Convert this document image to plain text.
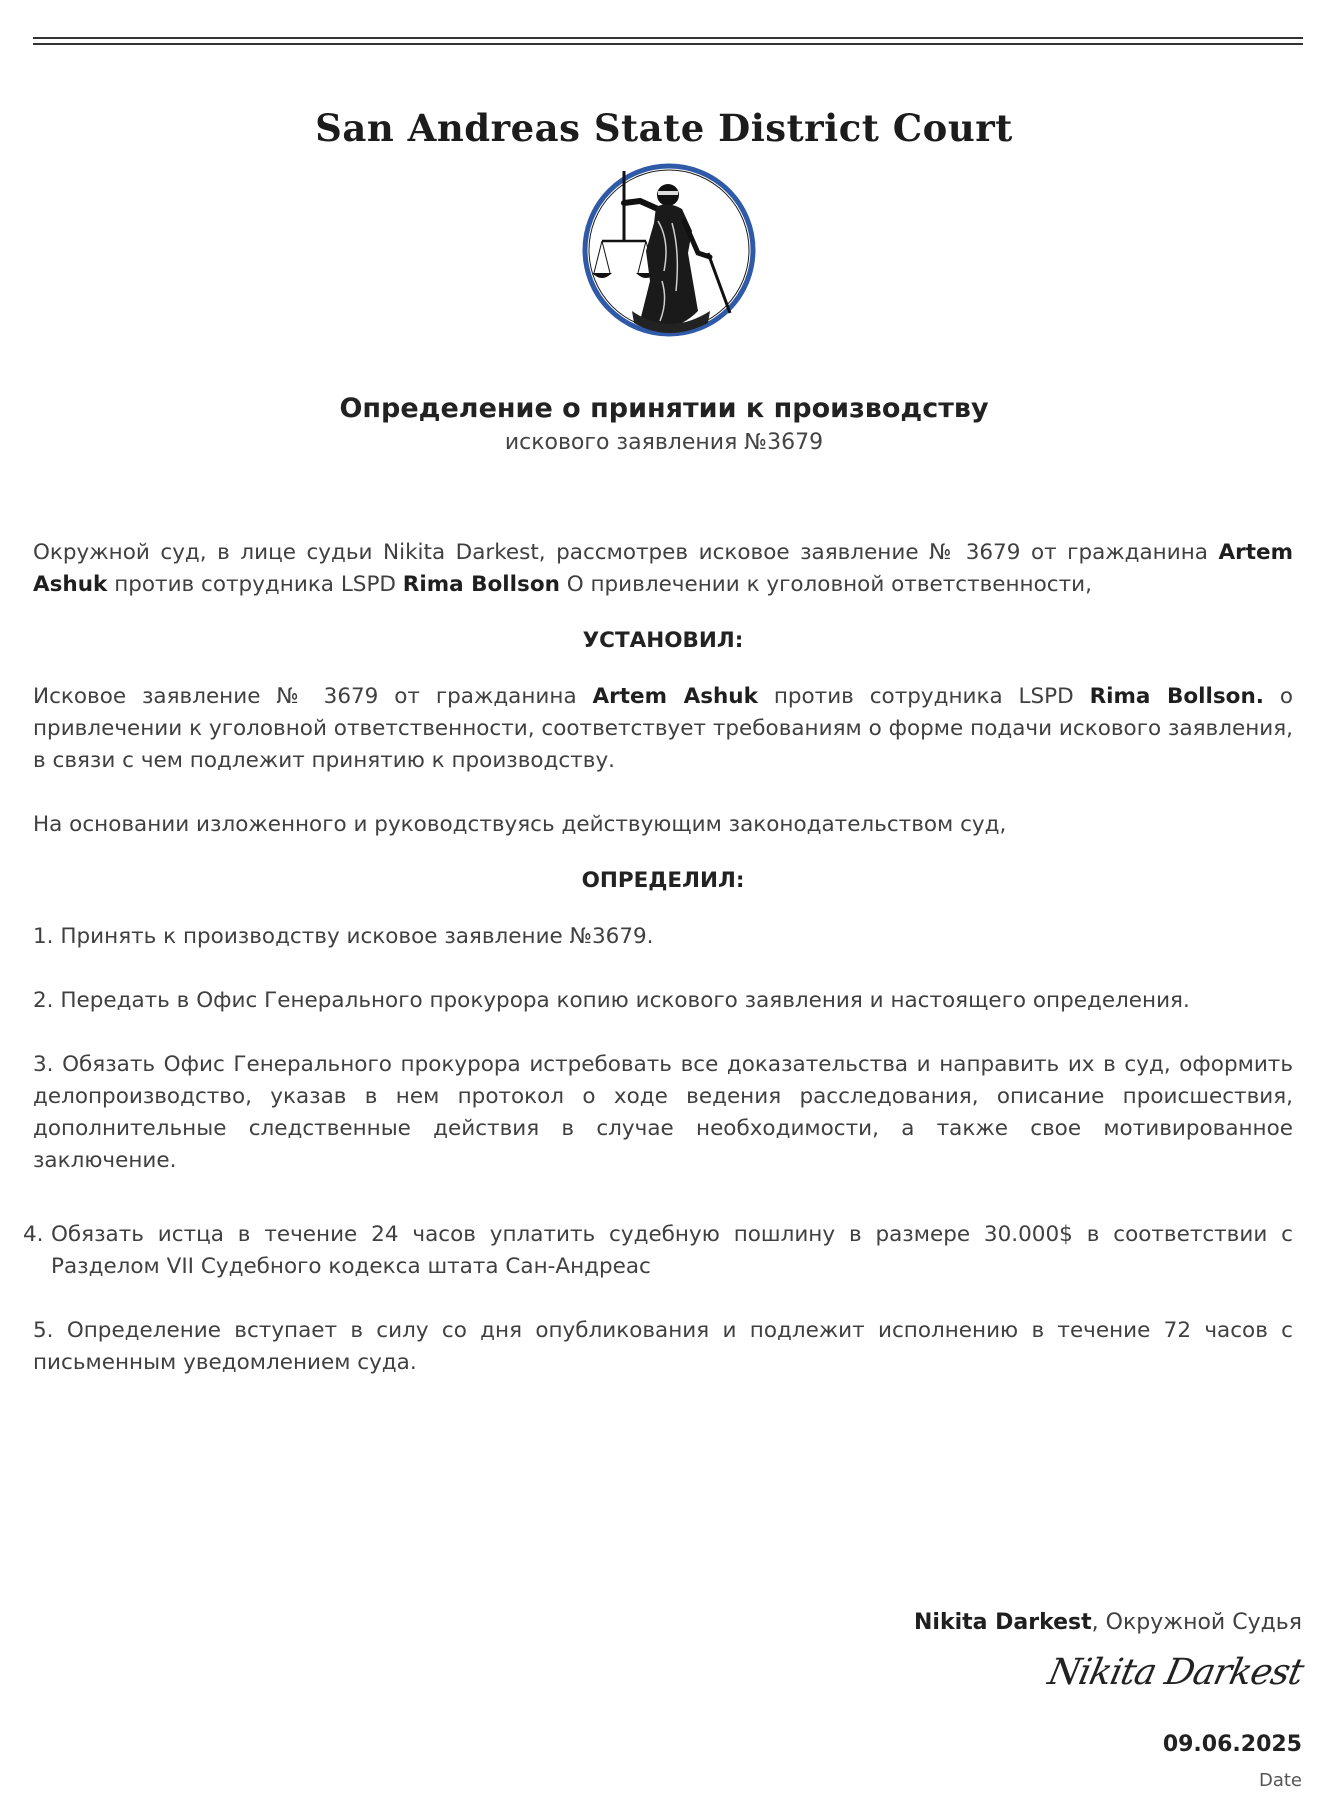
San Andreas State District Court
Определение о принятии к производству
искового заявления №3679

Окружной суд, в лице судьи Nikita Darkest, рассмотрев исковое заявление № 3679 от гражданина Artem Ashuk против сотрудника LSPD Rima Bollson О привлечении к уголовной ответственности,

УСТАНОВИЛ:

Исковое заявление № 3679 от гражданина Artem Ashuk против сотрудника LSPD Rima Bollson. о привлечении к уголовной ответственности, соответствует требованиям о форме подачи искового заявления, в связи с чем подлежит принятию к производству.

На основании изложенного и руководствуясь действующим законодательством суд,

ОПРЕДЕЛИЛ:

1. Принять к производству исковое заявление №3679.

2. Передать в Офис Генерального прокурора копию искового заявления и настоящего определения.

3. Обязать Офис Генерального прокурора истребовать все доказательства и направить их в суд, оформить делопроизводство, указав в нем протокол о ходе ведения расследования, описание происшествия, дополнительные следственные действия в случае необходимости, а также свое мотивированное заключение.

4. Обязать истца в течение 24 часов уплатить судебную пошлину в размере 30.000$ в соответствии с Разделом VII Судебного кодекса штата Сан-Андреас

5. Определение вступает в силу со дня опубликования и подлежит исполнению в течение 72 часов с письменным уведомлением суда.

Nikita Darkest, Окружной Судья
Nikita Darkest
09.06.2025
Date
